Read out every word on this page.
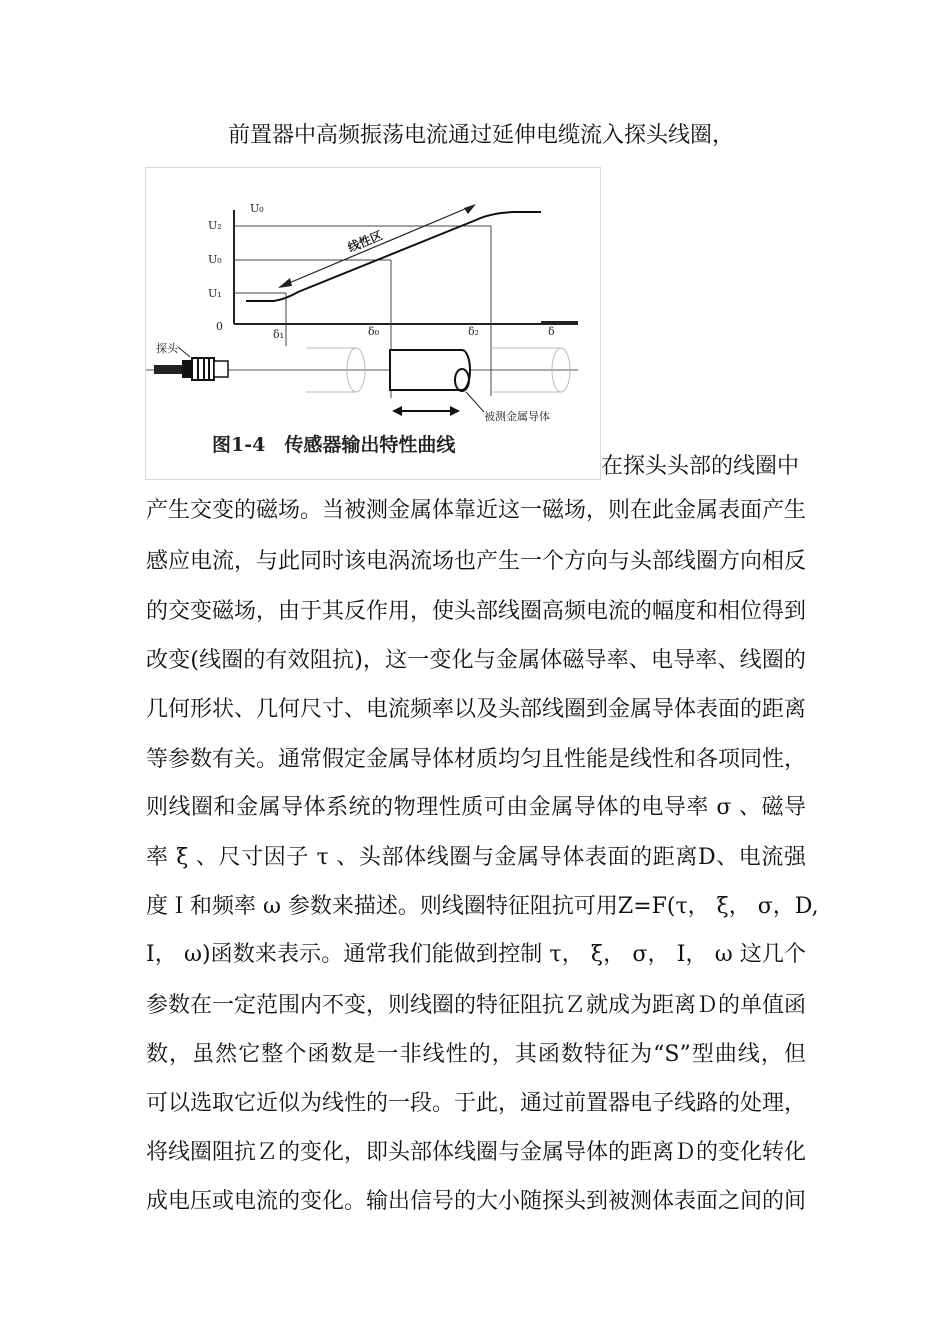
前置器中高频振荡电流通过延伸电缆流入探头线圈，
线性区
U₀
U₂
U₀
U₁
0
δ₁	δ₀	δ₂	δ
探头
被测金属导体
图1-4　传感器输出特性曲线
在探头头部的线圈中
产生交变的磁场。当被测金属体靠近这一磁场，则在此金属表面产生
感应电流，与此同时该电涡流场也产生一个方向与头部线圈方向相反
的交变磁场，由于其反作用，使头部线圈高频电流的幅度和相位得到
改变(线圈的有效阻抗)，这一变化与金属体磁导率、电导率、线圈的
几何形状、几何尺寸、电流频率以及头部线圈到金属导体表面的距离
等参数有关。通常假定金属导体材质均匀且性能是线性和各项同性，
则线圈和金属导体系统的物理性质可由金属导体的电导率 σ 、磁导
率 ξ 、尺寸因子 τ 、头部体线圈与金属导体表面的距离D、电流强
度Ｉ和频率 ω 参数来描述。则线圈特征阻抗可用Z=F(τ， ξ， σ，D,
I， ω)函数来表示。通常我们能做到控制 τ， ξ， σ， I， ω 这几个
参数在一定范围内不变，则线圈的特征阻抗Ｚ就成为距离Ｄ的单值函
数，虽然它整个函数是一非线性的，其函数特征为“S”型曲线，但
可以选取它近似为线性的一段。于此，通过前置器电子线路的处理，
将线圈阻抗Ｚ的变化，即头部体线圈与金属导体的距离Ｄ的变化转化
成电压或电流的变化。输出信号的大小随探头到被测体表面之间的间
